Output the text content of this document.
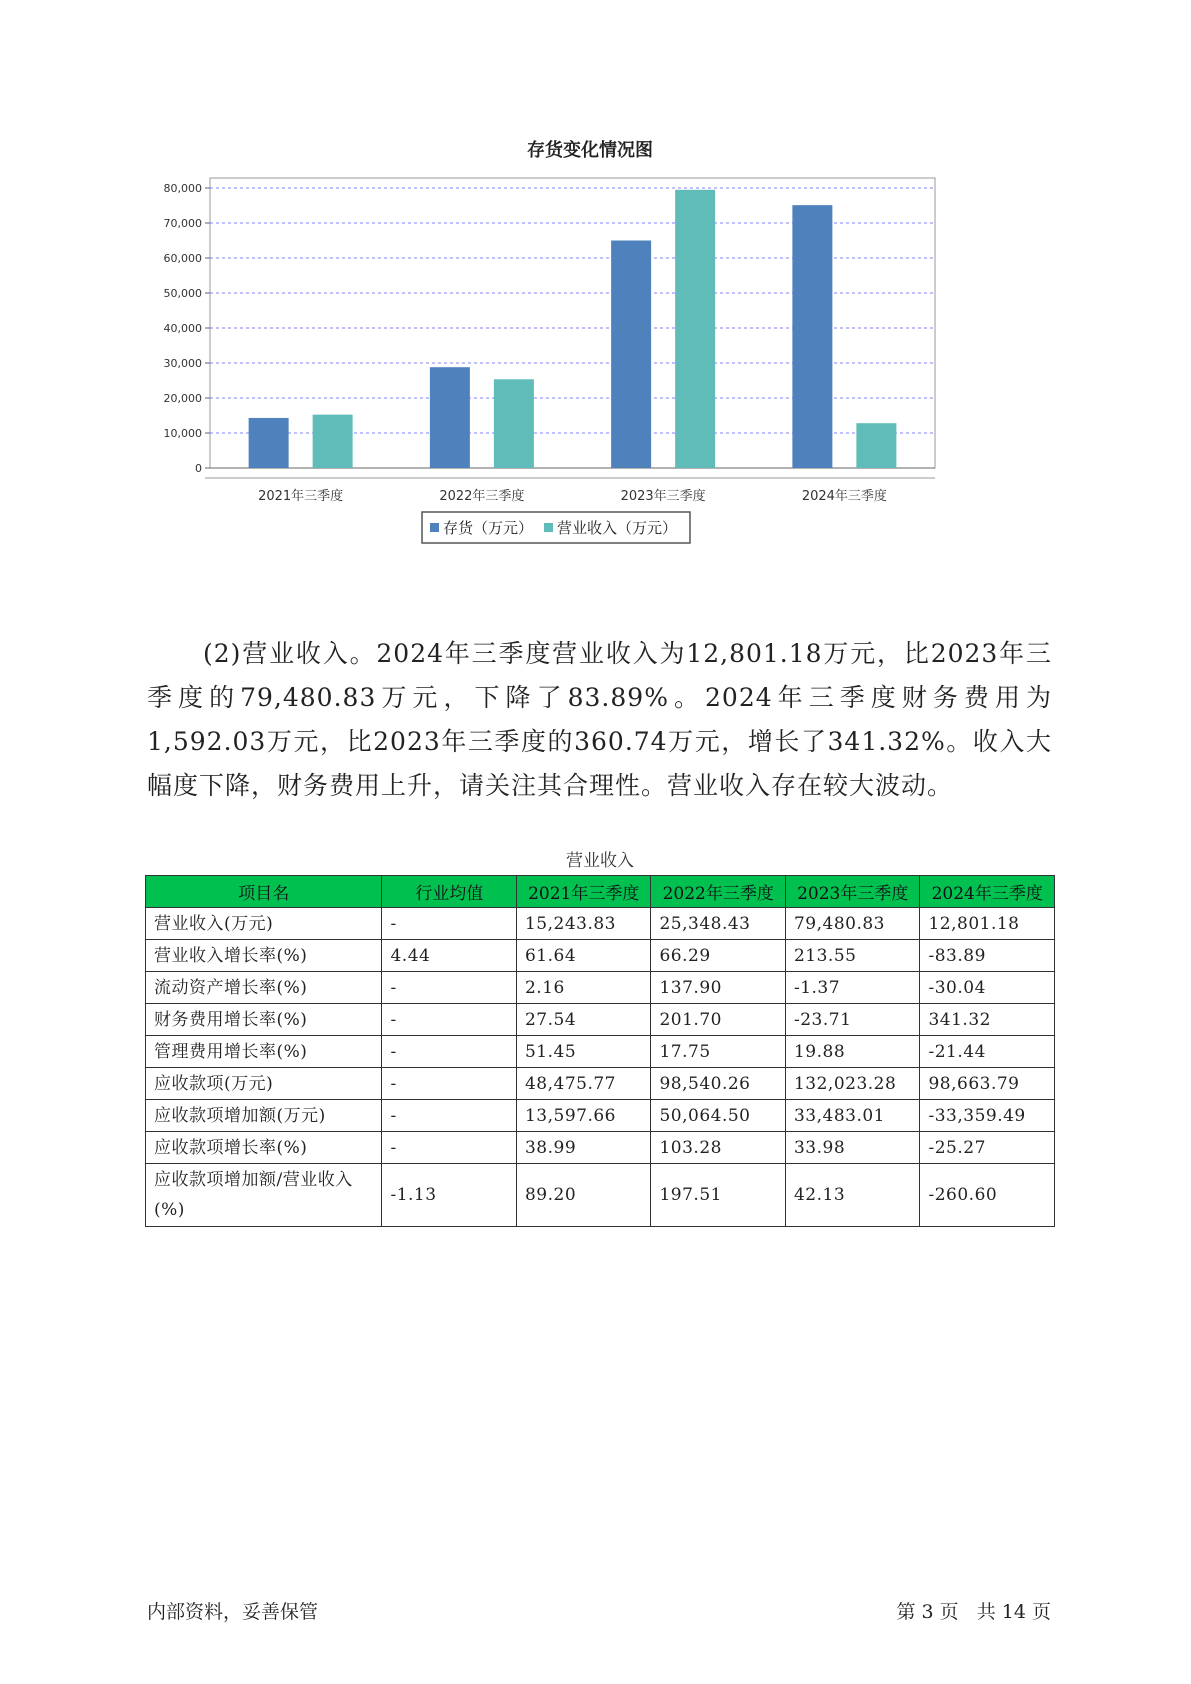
存货变化情况图
0
10,000
20,000
30,000
40,000
50,000
60,000
70,000
80,000
2021年三季度	2022年三季度	2023年三季度	2024年三季度
存货（万元） 营业收入（万元）

(2)营业收入。2024年三季度营业收入为12,801.18万元，比2023年三季度的79,480.83万元，下降了83.89%。2024年三季度财务费用为1,592.03万元，比2023年三季度的360.74万元，增长了341.32%。收入大幅度下降，财务费用上升，请关注其合理性。营业收入存在较大波动。

营业收入
项目名	行业均值	2021年三季度	2022年三季度	2023年三季度	2024年三季度
营业收入(万元)	-	15,243.83	25,348.43	79,480.83	12,801.18
营业收入增长率(%)	4.44	61.64	66.29	213.55	-83.89
流动资产增长率(%)	-	2.16	137.90	-1.37	-30.04
财务费用增长率(%)	-	27.54	201.70	-23.71	341.32
管理费用增长率(%)	-	51.45	17.75	19.88	-21.44
应收款项(万元)	-	48,475.77	98,540.26	132,023.28	98,663.79
应收款项增加额(万元)	-	13,597.66	50,064.50	33,483.01	-33,359.49
应收款项增长率(%)	-	38.99	103.28	33.98	-25.27
应收款项增加额/营业收入(%)	-1.13	89.20	197.51	42.13	-260.60
内部资料，妥善保管	第 3 页   共 14 页
